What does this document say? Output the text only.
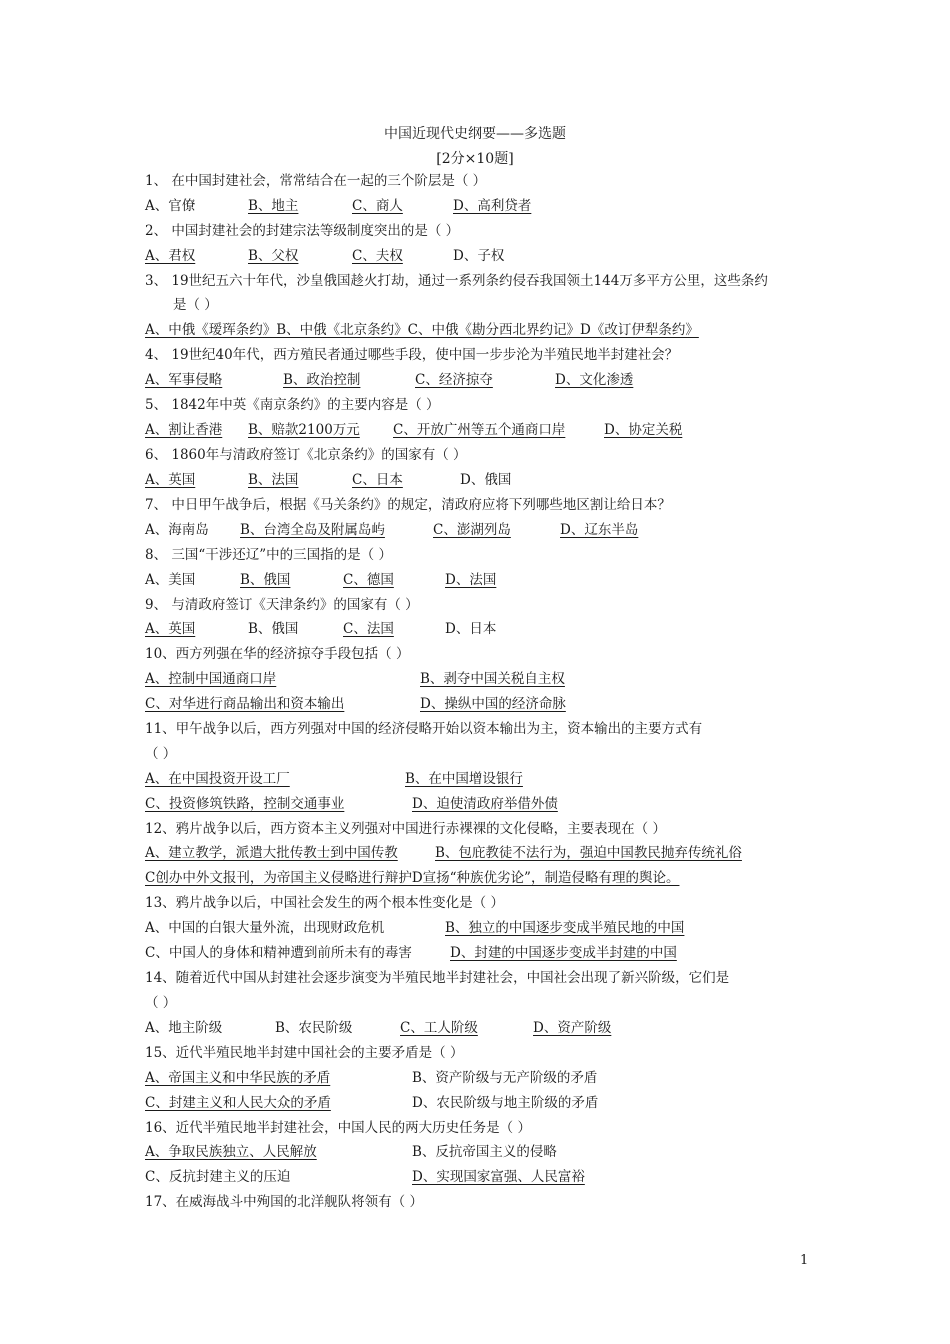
中国近现代史纲要——多选题
[2分×10题]
1、 在中国封建社会，常常结合在一起的三个阶层是（ ）
A、官僚	B、地主	C、商人	D、高利贷者
2、 中国封建社会的封建宗法等级制度突出的是（ ）
A、君权	B、父权	C、夫权	D、子权
3、 19世纪五六十年代，沙皇俄国趁火打劫，通过一系列条约侵吞我国领土144万多平方公里，这些条约
是（ ）
A、中俄《瑷珲条约》B、中俄《北京条约》C、中俄《勘分西北界约记》D《改订伊犁条约》
4、 19世纪40年代，西方殖民者通过哪些手段，使中国一步步沦为半殖民地半封建社会？
A、军事侵略	B、政治控制	C、经济掠夺	D、文化渗透
5、 1842年中英《南京条约》的主要内容是（ ）
A、割让香港 B、赔款2100万元 C、开放广州等五个通商口岸	D、协定关税
6、 1860年与清政府签订《北京条约》的国家有（ ）
A、英国	B、法国	C、日本	D、俄国
7、 中日甲午战争后，根据《马关条约》的规定，清政府应将下列哪些地区割让给日本？
A、海南岛 B、台湾全岛及附属岛屿	C、澎湖列岛	D、辽东半岛
8、 三国“干涉还辽”中的三国指的是（ ）
A、美国	B、俄国	C、德国	D、法国
9、 与清政府签订《天津条约》的国家有（ ）
A、英国	B、俄国	C、法国	D、日本
10、西方列强在华的经济掠夺手段包括（ ）
A、控制中国通商口岸	B、剥夺中国关税自主权
C、对华进行商品输出和资本输出	D、操纵中国的经济命脉
11、甲午战争以后，西方列强对中国的经济侵略开始以资本输出为主，资本输出的主要方式有
（ ）
A、在中国投资开设工厂	B、在中国增设银行
C、投资修筑铁路，控制交通事业	D、迫使清政府举借外债
12、鸦片战争以后，西方资本主义列强对中国进行赤裸裸的文化侵略，主要表现在（ ）
A、建立教学，派遣大批传教士到中国传教	B、包庇教徒不法行为，强迫中国教民抛弃传统礼俗
C创办中外文报刊，为帝国主义侵略进行辩护D宣扬“种族优劣论”，制造侵略有理的舆论。
13、鸦片战争以后，中国社会发生的两个根本性变化是（ ）
A、中国的白银大量外流，出现财政危机	B、独立的中国逐步变成半殖民地的中国
C、中国人的身体和精神遭到前所未有的毒害	D、封建的中国逐步变成半封建的中国
14、随着近代中国从封建社会逐步演变为半殖民地半封建社会，中国社会出现了新兴阶级，它们是
（ ）
A、地主阶级	B、农民阶级	C、工人阶级	D、资产阶级
15、近代半殖民地半封建中国社会的主要矛盾是（ ）
A、帝国主义和中华民族的矛盾	B、资产阶级与无产阶级的矛盾
C、封建主义和人民大众的矛盾	D、农民阶级与地主阶级的矛盾
16、近代半殖民地半封建社会，中国人民的两大历史任务是（ ）
A、争取民族独立、人民解放	B、反抗帝国主义的侵略
C、反抗封建主义的压迫	D、实现国家富强、人民富裕
17、在威海战斗中殉国的北洋舰队将领有（ ）
1
